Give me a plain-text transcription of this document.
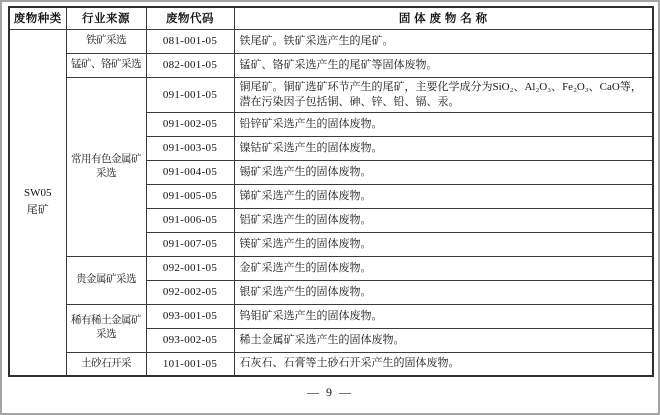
废物种类	行业来源	废物代码	固 体 废 物 名 称

SW05
尾矿	铁矿采选	081-001-05	铁尾矿。铁矿采选产生的尾矿。
	锰矿、铬矿采选	082-001-05	锰矿、铬矿采选产生的尾矿等固体废物。
	常用有色金属矿采选	091-001-05	铜尾矿。铜矿选矿环节产生的尾矿，主要化学成分为SiO₂、Al₂O₃、Fe₂O₃、CaO等，潜在污染因子包括铜、砷、锌、铅、镉、汞。
		091-002-05	铅锌矿采选产生的固体废物。
		091-003-05	镍钴矿采选产生的固体废物。
		091-004-05	锡矿采选产生的固体废物。
		091-005-05	锑矿采选产生的固体废物。
		091-006-05	铝矿采选产生的固体废物。
		091-007-05	镁矿采选产生的固体废物。
	贵金属矿采选	092-001-05	金矿采选产生的固体废物。
		092-002-05	银矿采选产生的固体废物。
	稀有稀土金属矿采选	093-001-05	钨钼矿采选产生的固体废物。
		093-002-05	稀土金属矿采选产生的固体废物。
	土砂石开采	101-001-05	石灰石、石膏等土砂石开采产生的固体废物。
— 9 —
